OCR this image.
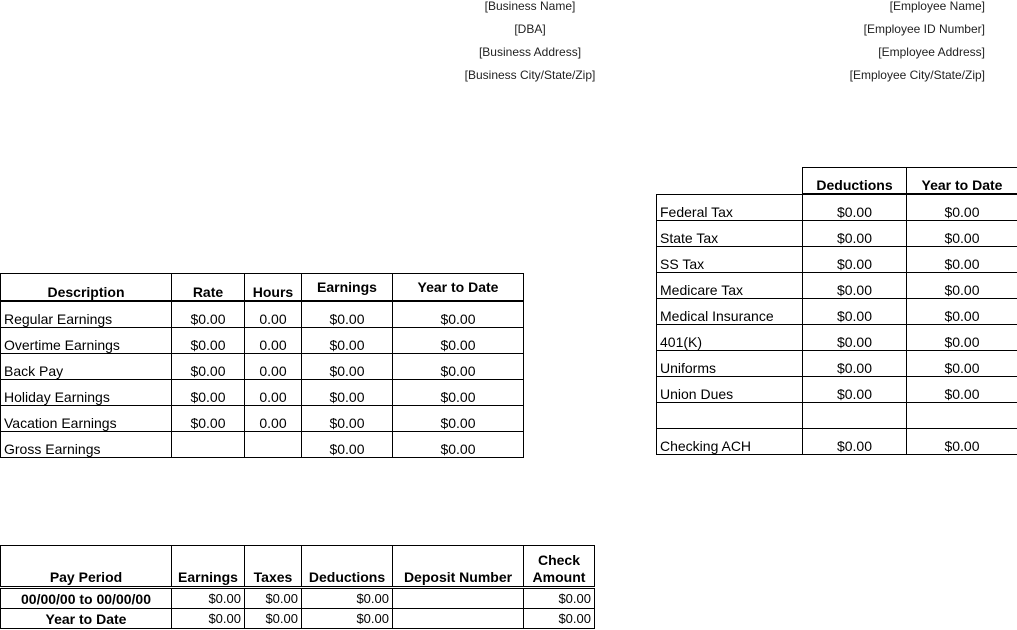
[Business Name]
[DBA]
[Business Address]
[Business City/State/Zip]
[Employee Name]
[Employee ID Number]
[Employee Address]
[Employee City/State/Zip]
Description	Rate	Hours	Earnings	Year to Date
Regular Earnings	$0.00	0.00	$0.00	$0.00
Overtime Earnings	$0.00	0.00	$0.00	$0.00
Back Pay	$0.00	0.00	$0.00	$0.00
Holiday Earnings	$0.00	0.00	$0.00	$0.00
Vacation Earnings	$0.00	0.00	$0.00	$0.00
Gross Earnings			$0.00	$0.00
	Deductions	Year to Date
Federal Tax	$0.00	$0.00
State Tax	$0.00	$0.00
SS Tax	$0.00	$0.00
Medicare Tax	$0.00	$0.00
Medical Insurance	$0.00	$0.00
401(K)	$0.00	$0.00
Uniforms	$0.00	$0.00
Union Dues	$0.00	$0.00

Checking ACH	$0.00	$0.00
Pay Period	Earnings	Taxes	Deductions	Deposit Number	Check Amount
00/00/00 to 00/00/00	$0.00	$0.00	$0.00		$0.00
Year to Date	$0.00	$0.00	$0.00		$0.00
